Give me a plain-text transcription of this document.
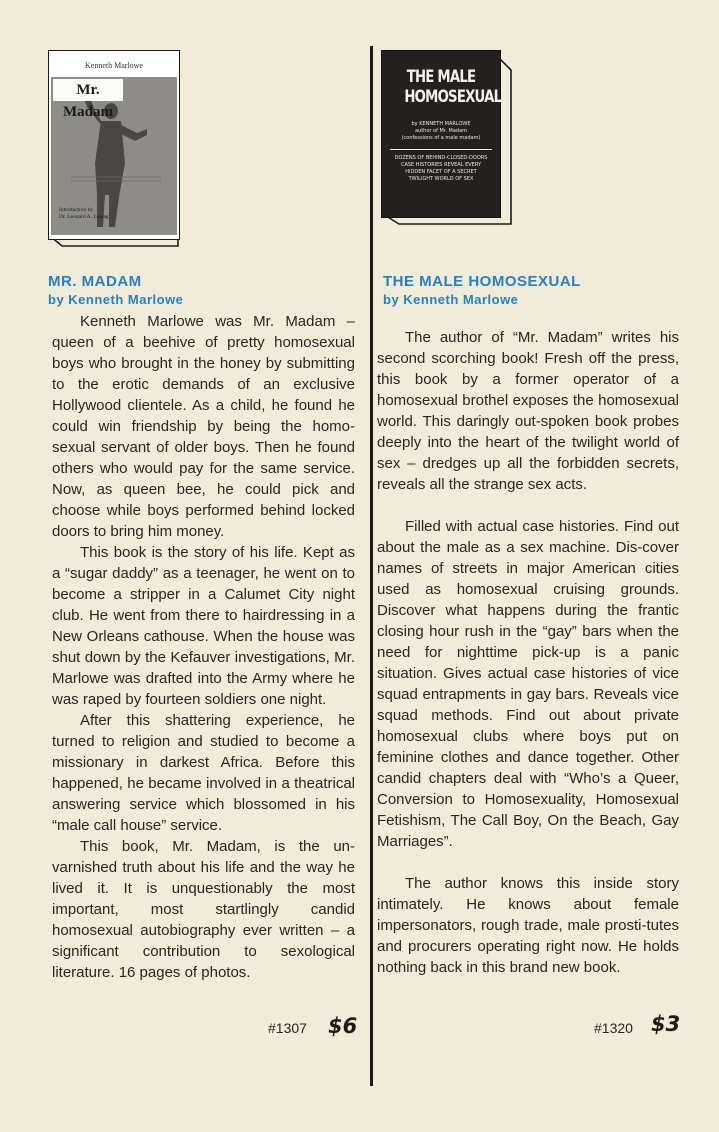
Kenneth Marlowe
Mr. Madam
Introduction by
Dr. Leonard A. Lowag
MR. MADAM
by Kenneth Marlowe

Kenneth Marlowe was Mr. Madam – queen of a beehive of pretty homosexual boys who brought in the honey by submitting to the erotic demands of an exclusive Hollywood clientele. As a child, he found he could win friendship by being the homo-sexual servant of older boys. Then he found others who would pay for the same service. Now, as queen bee, he could pick and choose while boys performed behind locked doors to bring him money.

This book is the story of his life. Kept as a “sugar daddy” as a teenager, he went on to become a stripper in a Calumet City night club. He went from there to hairdressing in a New Orleans cathouse. When the house was shut down by the Kefauver investigations, Mr. Marlowe was drafted into the Army where he was raped by fourteen soldiers one night.

After this shattering experience, he turned to religion and studied to become a missionary in darkest Africa. Before this happened, he became involved in a theatrical answering service which blossomed in his “male call house” service.

This book, Mr. Madam, is the un-varnished truth about his life and the way he lived it. It is unquestionably the most important, most startlingly candid homosexual autobiography ever written – a significant contribution to sexological literature. 16 pages of photos.

#1307 $6
THE MALE
HOMOSEXUAL
by KENNETH MARLOWE
author of Mr. Madam
(confessions of a male madam)
DOZENS OF BEHIND-CLOSED-DOORS CASE HISTORIES REVEAL EVERY HIDDEN FACET OF A SECRET TWILIGHT WORLD OF SEX
THE MALE HOMOSEXUAL
by Kenneth Marlowe

The author of “Mr. Madam” writes his second scorching book! Fresh off the press, this book by a former operator of a homosexual brothel exposes the homosexual world. This daringly out-spoken book probes deeply into the heart of the twilight world of sex – dredges up all the forbidden secrets, reveals all the strange sex acts.

Filled with actual case histories. Find out about the male as a sex machine. Dis-cover names of streets in major American cities used as homosexual cruising grounds. Discover what happens during the frantic closing hour rush in the “gay” bars when the need for nighttime pick-up is a panic situation. Gives actual case histories of vice squad entrapments in gay bars. Reveals vice squad methods. Find out about private homosexual clubs where boys put on feminine clothes and dance together. Other candid chapters deal with “Who’s a Queer, Conversion to Homosexuality, Homosexual Fetishism, The Call Boy, On the Beach, Gay Marriages”.

The author knows this inside story intimately. He knows about female impersonators, rough trade, male prosti-tutes and procurers operating right now. He holds nothing back in this brand new book.

#1320 $3
